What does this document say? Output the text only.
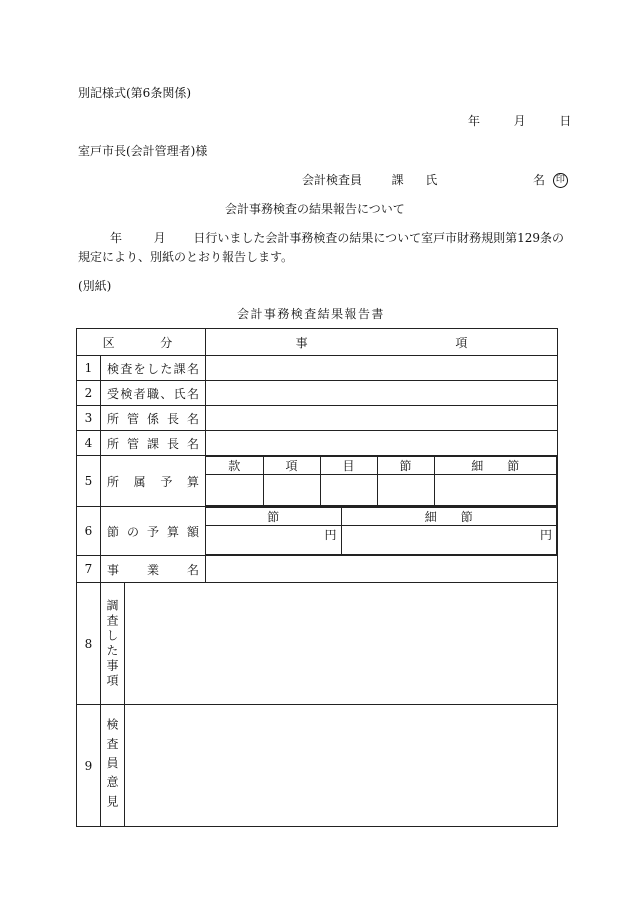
別記様式(第6条関係)
年	月	日
室戸市長(会計管理者)様
会計検査員 課 氏	名 印
会計事務検査の結果報告について
年	月 日行いました会計事務検査の結果について室戸市財務規則第129条の
規定により、別紙のとおり報告します。
(別紙)
会計事務検査結果報告書
区　　分	事	項
1	検査をした課名	
2	受検者職、氏名	
3	所管係長名	
4	所管課長名	
5	所属予算	
款	項	目	節	細　　節

6	節の予算額	
節	細　　節
円	円

7	事業名	
8	調査した事項

9	検査員意見
